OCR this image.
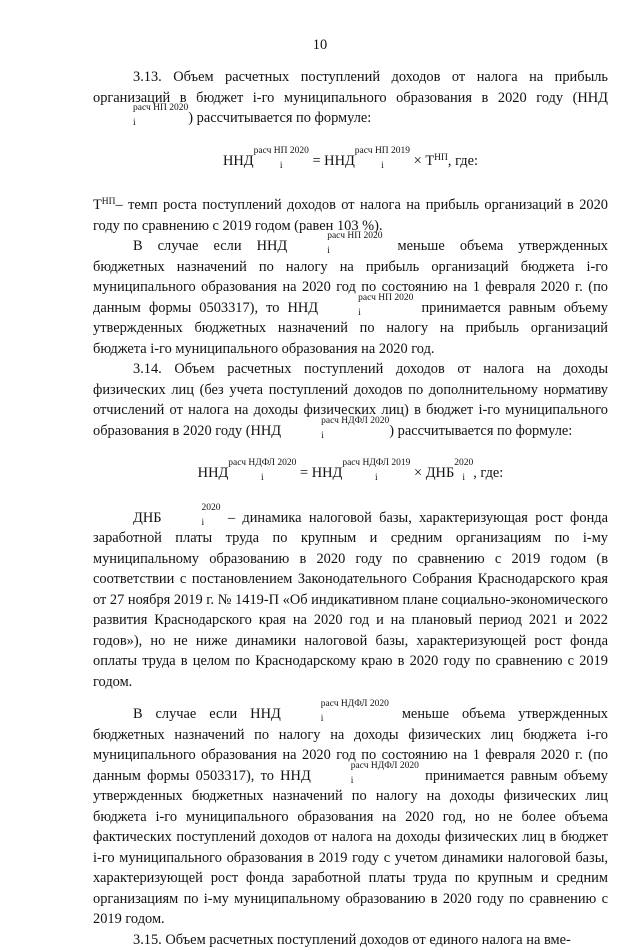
10

3.13. Объем расчетных поступлений доходов от налога на прибыль организаций в бюджет i-го муниципального образования в 2020 году (ННД
расч НП 2020
i	) рассчитывается по формуле:

ННД
расч НП 2020
i	= ННД
расч НП 2019
i	× $Т^{НП}$, где:

$Т^{НП}-$ темп роста поступлений доходов от налога на прибыль организаций в 2020 году по сравнению с 2019 годом (равен 103 %).

В случае если ННД
расч НП 2020
i	меньше объема утвержденных бюджетных назначений по налогу на прибыль организаций бюджета i-го муниципального образования на 2020 год по состоянию на 1 февраля 2020 г. (по данным формы 0503317), то ННД
расч НП 2020
i	принимается равным объему утвержденных бюджетных назначений по налогу на прибыль организаций бюджета i-го муниципального образования на 2020 год.

3.14. Объем расчетных поступлений доходов от налога на доходы физических лиц (без учета поступлений доходов по дополнительному нормативу отчислений от налога на доходы физических лиц) в бюджет i-го муниципального образования в 2020 году (ННД
расч НДФЛ 2020
i	) рассчитывается по формуле:

ННД
расч НДФЛ 2020
i	= ННД
расч НДФЛ 2019
i	× ДНБ
2020
i , где:

ДНБ
2020
i	– динамика налоговой базы, характеризующая рост фонда заработной платы труда по крупным и средним организациям по i-му муниципальному образованию в 2020 году по сравнению с 2019 годом (в соответствии с постановлением Законодательного Собрания Краснодарского края от 27 ноября 2019 г. № 1419-П «Об индикативном плане социально-экономического развития Краснодарского края на 2020 год и на плановый период 2021 и 2022 годов»), но не ниже динамики налоговой базы, характеризующей рост фонда оплаты труда в целом по Краснодарскому краю в 2020 году по сравнению с 2019 годом.

В случае если ННД
расч НДФЛ 2020
i	меньше объема утвержденных бюджетных назначений по налогу на доходы физических лиц бюджета i-го муниципального образования на 2020 год по состоянию на 1 февраля 2020 г. (по данным формы 0503317), то ННД
расч НДФЛ 2020
i	принимается равным объему утвержденных бюджетных назначений по налогу на доходы физических лиц бюджета i-го муниципального образования на 2020 год, но не более объема фактических поступлений доходов от налога на доходы физических лиц в бюджет i-го муниципального образования в 2019 году с учетом динамики налоговой базы, характеризующей рост фонда заработной платы труда по крупным и средним организациям по i-му муниципальному образованию в 2020 году по сравнению с 2019 годом.

3.15. Объем расчетных поступлений доходов от единого налога на вме-
